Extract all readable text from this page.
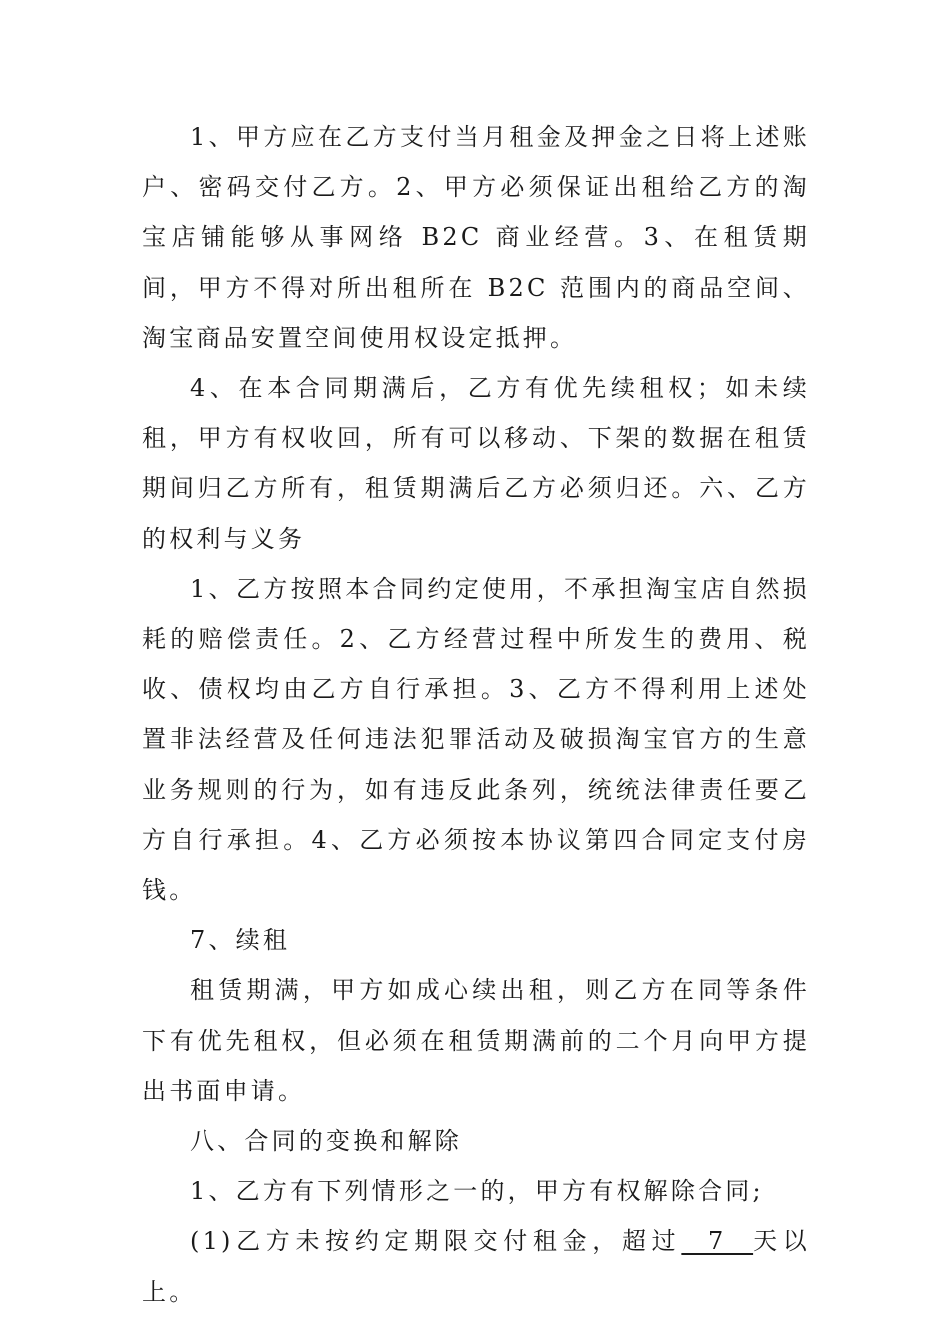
1、甲方应在乙方支付当月租金及押金之日将上述账户、密码交付乙方。2、甲方必须保证出租给乙方的淘宝店铺能够从事网络 B2C 商业经营。3、在租赁期间，甲方不得对所出租所在 B2C 范围内的商品空间、淘宝商品安置空间使用权设定抵押。

4、在本合同期满后，乙方有优先续租权；如未续租，甲方有权收回，所有可以移动、下架的数据在租赁期间归乙方所有，租赁期满后乙方必须归还。六、乙方的权利与义务

1、乙方按照本合同约定使用，不承担淘宝店自然损耗的赔偿责任。2、乙方经营过程中所发生的费用、税收、债权均由乙方自行承担。3、乙方不得利用上述处置非法经营及任何违法犯罪活动及破损淘宝官方的生意业务规则的行为，如有违反此条列，统统法律责任要乙方自行承担。4、乙方必须按本协议第四合同定支付房钱。

7、续租

租赁期满，甲方如成心续出租，则乙方在同等条件下有优先租权，但必须在租赁期满前的二个月向甲方提出书面申请。

八、合同的变换和解除

1、乙方有下列情形之一的，甲方有权解除合同;

(1)乙方未按约定期限交付租金，超过  7  天以上。
